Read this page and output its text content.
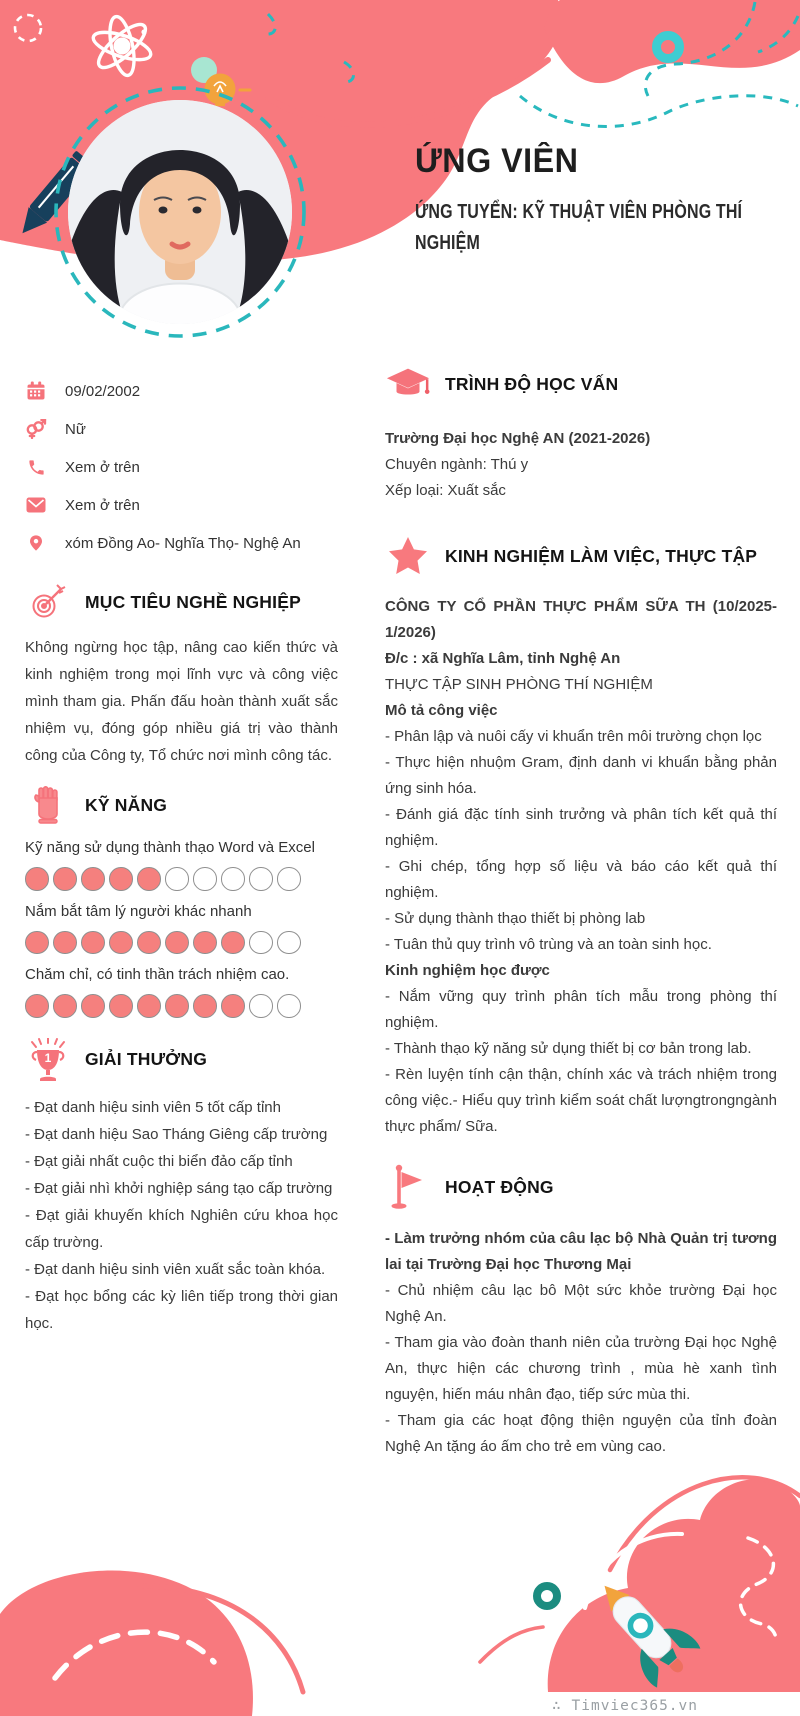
ỨNG VIÊN
ỨNG TUYỂN: KỸ THUẬT VIÊN PHÒNG THÍ NGHIỆM
09/02/2002
Nữ
Xem ở trên
Xem ở trên
xóm Đồng Ao- Nghĩa Thọ- Nghệ An
MỤC TIÊU NGHỀ NGHIỆP
Không ngừng học tập, nâng cao kiến thức và kinh nghiệm trong mọi lĩnh vực và công việc mình tham gia. Phấn đấu hoàn thành xuất sắc nhiệm vụ, đóng góp nhiều giá trị vào thành công của Công ty, Tổ chức nơi mình công tác.
KỸ NĂNG
Kỹ năng sử dụng thành thạo Word và Excel
Nắm bắt tâm lý người khác nhanh
Chăm chỉ, có tinh thần trách nhiệm cao.
1 GIẢI THƯỞNG
- Đạt danh hiệu sinh viên 5 tốt cấp tỉnh
- Đạt danh hiệu Sao Tháng Giêng cấp trường
- Đạt giải nhất cuộc thi biển đảo cấp tỉnh
- Đạt giải nhì khởi nghiệp sáng tạo cấp trường
- Đạt giải khuyến khích Nghiên cứu khoa học cấp trường.
- Đạt danh hiệu sinh viên xuất sắc toàn khóa.
- Đạt học bổng các kỳ liên tiếp trong thời gian học.
TRÌNH ĐỘ HỌC VẤN
Trường Đại học Nghệ AN (2021-2026)
Chuyên ngành: Thú y
Xếp loại: Xuất sắc
KINH NGHIỆM LÀM VIỆC, THỰC TẬP
CÔNG TY CỔ PHẦN THỰC PHẨM SỮA TH (10/2025-1/2026)
Đ/c : xã Nghĩa Lâm, tỉnh Nghệ An
THỰC TẬP SINH PHÒNG THÍ NGHIỆM
Mô tả công việc
- Phân lập và nuôi cấy vi khuẩn trên môi trường chọn lọc
- Thực hiện nhuộm Gram, định danh vi khuẩn bằng phản ứng sinh hóa.
- Đánh giá đặc tính sinh trưởng và phân tích kết quả thí nghiệm.
- Ghi chép, tổng hợp số liệu và báo cáo kết quả thí nghiệm.
- Sử dụng thành thạo thiết bị phòng lab
- Tuân thủ quy trình vô trùng và an toàn sinh học.
Kinh nghiệm học được
- Nắm vững quy trình phân tích mẫu trong phòng thí nghiệm.
- Thành thạo kỹ năng sử dụng thiết bị cơ bản trong lab.
- Rèn luyện tính cận thận, chính xác và trách nhiệm trong công việc.- Hiểu quy trình kiểm soát chất lượngtrongngành thực phẩm/ Sữa.
HOẠT ĐỘNG
- Làm trưởng nhóm của câu lạc bộ Nhà Quản trị tương lai tại Trường Đại học Thương Mại
- Chủ nhiệm câu lạc bô Một sức khỏe trường Đại học Nghệ An.
- Tham gia vào đoàn thanh niên của trường Đại học Nghệ An, thực hiện các chương trình , mùa hè xanh tình nguyện, hiến máu nhân đạo, tiếp sức mùa thi.
- Tham gia các hoạt động thiện nguyện của tỉnh đoàn Nghệ An tặng áo ấm cho trẻ em vùng cao.
∴ Timviec365.vn
